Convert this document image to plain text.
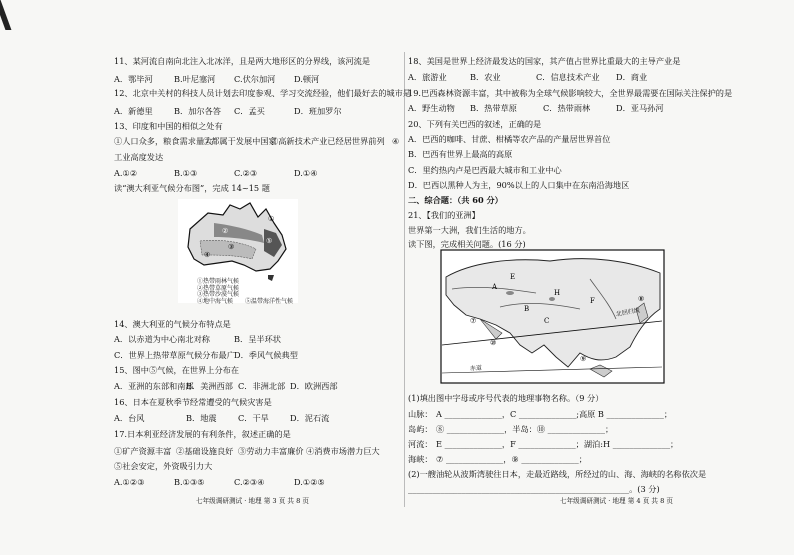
11、某河流自南向北注入北冰洋，且是两大地形区的分界线，该河流是
A．鄂毕河	B.叶尼塞河 C.伏尔加河 D.顿河
12、北京中关村的科技人员计划去印度参观、学习交流经验，他们最好去的城市是
A．新德里	B．加尔各答 C．孟买	D．班加罗尔
13、印度和中国的相似之处有
①人口众多，粮食需求量大
②都属于发展中国家
③高新技术产业已经居世界前列 ④
工业高度发达
A.①②	B.①③	C.②③	D.①④
读“澳大利亚气候分布图”，完成 14~15 题
②
③
⑤
④
①
①热带雨林气候
②热带草原气候
③热带沙漠气候
④地中海气候 ⑤温带海洋性气候
14、澳大利亚的气候分布特点是
A．以赤道为中心南北对称	B．呈半环状
C．世界上热带草原气候分布最广 D．季风气候典型
15、图中⑤气候，在世界上分布在
A．亚洲的东部和南部
B．美洲西部 C．非洲北部 D．欧洲西部
16、日本在夏秋季节经常遭受的气候灾害是
A．台风	B．地震	C．干旱	D．泥石流
17.日本利亚经济发展的有利条件，叙述正确的是
①矿产资源丰富 ②基础设施良好 ③劳动力丰富廉价 ④消费市场潜力巨大
⑤社会安定，外资吸引力大
A.①②③	B.①③⑤	C.②③④	D.①②⑤
七年级调研测试 · 地理 第 3 页 共 8 页
18、美国是世界上经济最发达的国家，其产值占世界比重最大的主导产业是
A．旅游业	B．农业	C．信息技术产业 D．商业
19.巴西森林资源丰富，其中被称为全球气候影响较大，全世界最需要在国际关注保护的是
A．野生动物 B．热带草原	C．热带雨林	D．亚马孙河
20、下列有关巴西的叙述，正确的是
A．巴西的咖啡、甘蔗、柑橘等农产品的产量居世界首位
B．巴西有世界上最高的高原
C．里约热内卢是巴西最大城市和工业中心
D．巴西以黑种人为主，90%以上的人口集中在东南沿海地区
二、综合题：（共 60 分）
21、【我们的亚洲】
世界第一大洲，我们生活的地方。
读下图，完成相关问题。(16 分)
A
B
C
E
F
H
⑧
⑨
⑩
⑦
北回归线
赤道
(1)填出图中字母或序号代表的地理事物名称。（9 分）
山脉： A ______________，C ______________;高原 B ______________；
岛屿： ⑧ ______________，半岛：⑩ ______________；
河流： E ______________，F ______________；湖泊:H ______________；
海峡： ⑦ ______________，⑨ ______________；
(2)一艘油轮从波斯湾驶往日本，走最近路线，所经过的山、海、海峡的名称依次是
______________________________________________________。(3 分)
七年级调研测试 · 地理 第 4 页 共 8 页
